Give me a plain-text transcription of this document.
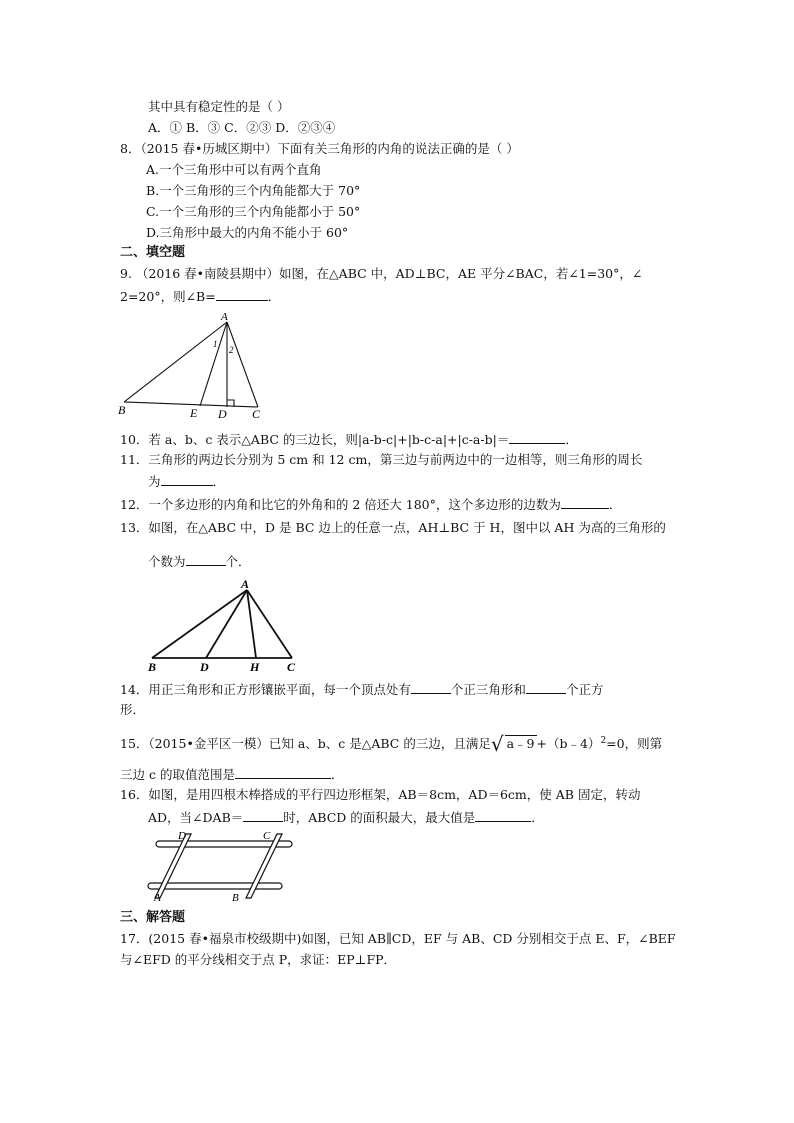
其中具有稳定性的是（ ）
A．① B．③ C．②③ D．②③④
8．（2015 春•历城区期中）下面有关三角形的内角的说法正确的是（ ）
A.一个三角形中可以有两个直角
B.一个三角形的三个内角能都大于 70°
C.一个三角形的三个内角能都小于 50°
D.三角形中最大的内角不能小于 60°
二、填空题
9. （2016 春•南陵县期中）如图，在△ABC 中，AD⊥BC，AE 平分∠BAC，若∠1=30°，∠
2=20°，则∠B=	．
A
B	E D C
1
2
10．若 a、b、c 表示△ABC 的三边长，则|a-b-c|+|b-c-a|+|c-a-b|＝	．
11．三角形的两边长分别为 5 cm 和 12 cm，第三边与前两边中的一边相等，则三角形的周长
为	．
12．一个多边形的内角和比它的外角和的 2 倍还大 180°，这个多边形的边数为	．
13．如图，在△ABC 中，D 是 BC 边上的任意一点，AH⊥BC 于 H，图中以 AH 为高的三角形的
个数为	个．
A
B	D	H C
14．用正三角形和正方形镶嵌平面，每一个顶点处有	个正三角形和	个正方
形．
15．（2015•金平区一模）已知 a、b、c 是△ABC 的三边，且满足√ a﹣9 +（b﹣4）$^2$=0，则第
三边 c 的取值范围是	．
16．如图，是用四根木棒搭成的平行四边形框架，AB＝8cm，AD＝6cm，使 AB 固定，转动
AD，当∠DAB＝	时，ABCD 的面积最大，最大值是	．
D	C
A	B
三、解答题
17．(2015 春•福泉市校级期中)如图，已知 AB∥CD，EF 与 AB、CD 分别相交于点 E、F，∠BEF
与∠EFD 的平分线相交于点 P，求证：EP⊥FP．
